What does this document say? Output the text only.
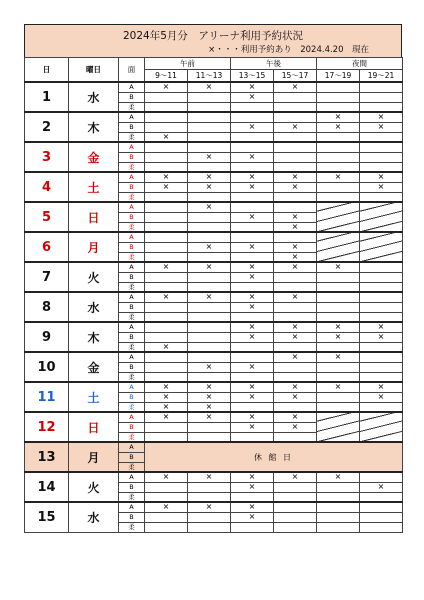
2024年5月分　アリーナ利用予約状況
×・・・利用予約あり　2024.4.20　現在
日	曜日	面	午前		午後		夜間	
			9～11	11～13	13～15	15～17	17～19	19～21
1	水	A	×	×	×	×		
		B			×			
		柔						
2	木	A					×	×
		B			×	×	×	×
		柔	×					
3	金	A						
		B		×	×			
		柔						
4	土	A	×	×	×	×	×	×
		B	×	×	×	×		×
		柔						
5	日	A		×				
		B			×	×		
		柔				×		
6	月	A						
		B		×	×	×		
		柔				×		
7	火	A	×	×	×	×	×	
		B			×			
		柔						
8	水	A	×	×	×	×		
		B			×			
		柔						
9	木	A			×	×	×	×
		B			×	×	×	×
		柔	×					
10	金	A				×	×	
		B		×	×			
		柔						
11	土	A	×	×	×	×	×	×
		B	×	×	×	×		×
		柔	×	×				
12	日	A	×	×	×	×		
		B			×	×		
		柔						
13	月	A	休 館 日					
		B						
		柔						
14	火	A	×	×	×	×	×	
		B			×			×
		柔						
15	水	A	×	×	×			
		B			×			
		柔						
